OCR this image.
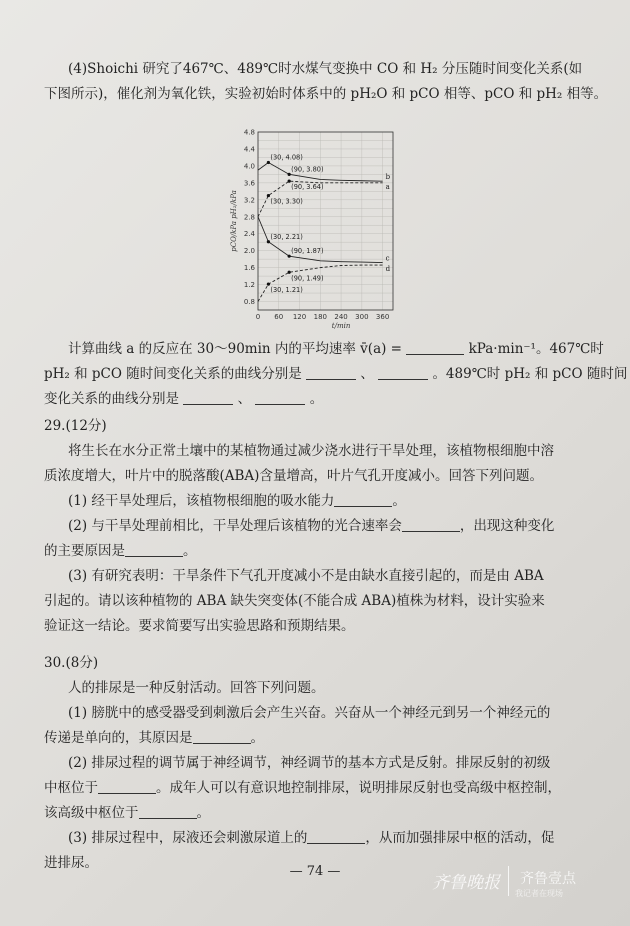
(4)Shoichi 研究了467℃、489℃时水煤气变换中 CO 和 H₂ 分压随时间变化关系(如
下图所示)，催化剂为氧化铁，实验初始时体系中的 pH₂O 和 pCO 相等、pCO 和 pH₂ 相等。
0 60 120 180 240 300 360
0.8
1.2
1.6
2.0
2.4
2.8
3.2
3.6
4.0
4.4
4.8
t/min
pCO/kPa pH₂/kPa
b
a
c
d
(30, 4.08)
(90, 3.80)
(90, 3.64)
(30, 3.30)
(30, 2.21)
(90, 1.87)
(90, 1.49)
(30, 1.21)
计算曲线 a 的反应在 30～90min 内的平均速率 v̄(a) =	kPa·min⁻¹。467℃时
pH₂ 和 pCO 随时间变化关系的曲线分别是	、	。489℃时 pH₂ 和 pCO 随时间
变化关系的曲线分别是	、	。
29.(12分)
将生长在水分正常土壤中的某植物通过减少浇水进行干旱处理，该植物根细胞中溶
质浓度增大，叶片中的脱落酸(ABA)含量增高，叶片气孔开度减小。回答下列问题。
(1) 经干旱处理后，该植物根细胞的吸水能力	。
(2) 与干旱处理前相比，干旱处理后该植物的光合速率会	，出现这种变化
的主要原因是	。
(3) 有研究表明：干旱条件下气孔开度减小不是由缺水直接引起的，而是由 ABA
引起的。请以该种植物的 ABA 缺失突变体(不能合成 ABA)植株为材料，设计实验来
验证这一结论。要求简要写出实验思路和预期结果。
30.(8分)
人的排尿是一种反射活动。回答下列问题。
(1) 膀胱中的感受器受到刺激后会产生兴奋。兴奋从一个神经元到另一个神经元的
传递是单向的，其原因是	。
(2) 排尿过程的调节属于神经调节，神经调节的基本方式是反射。排尿反射的初级
中枢位于	。成年人可以有意识地控制排尿，说明排尿反射也受高级中枢控制，
该高级中枢位于	。
(3) 排尿过程中，尿液还会刺激尿道上的	，从而加强排尿中枢的活动，促
进排尿。
— 74 —
齐鲁晚报 齐鲁壹点
我记者在现场
